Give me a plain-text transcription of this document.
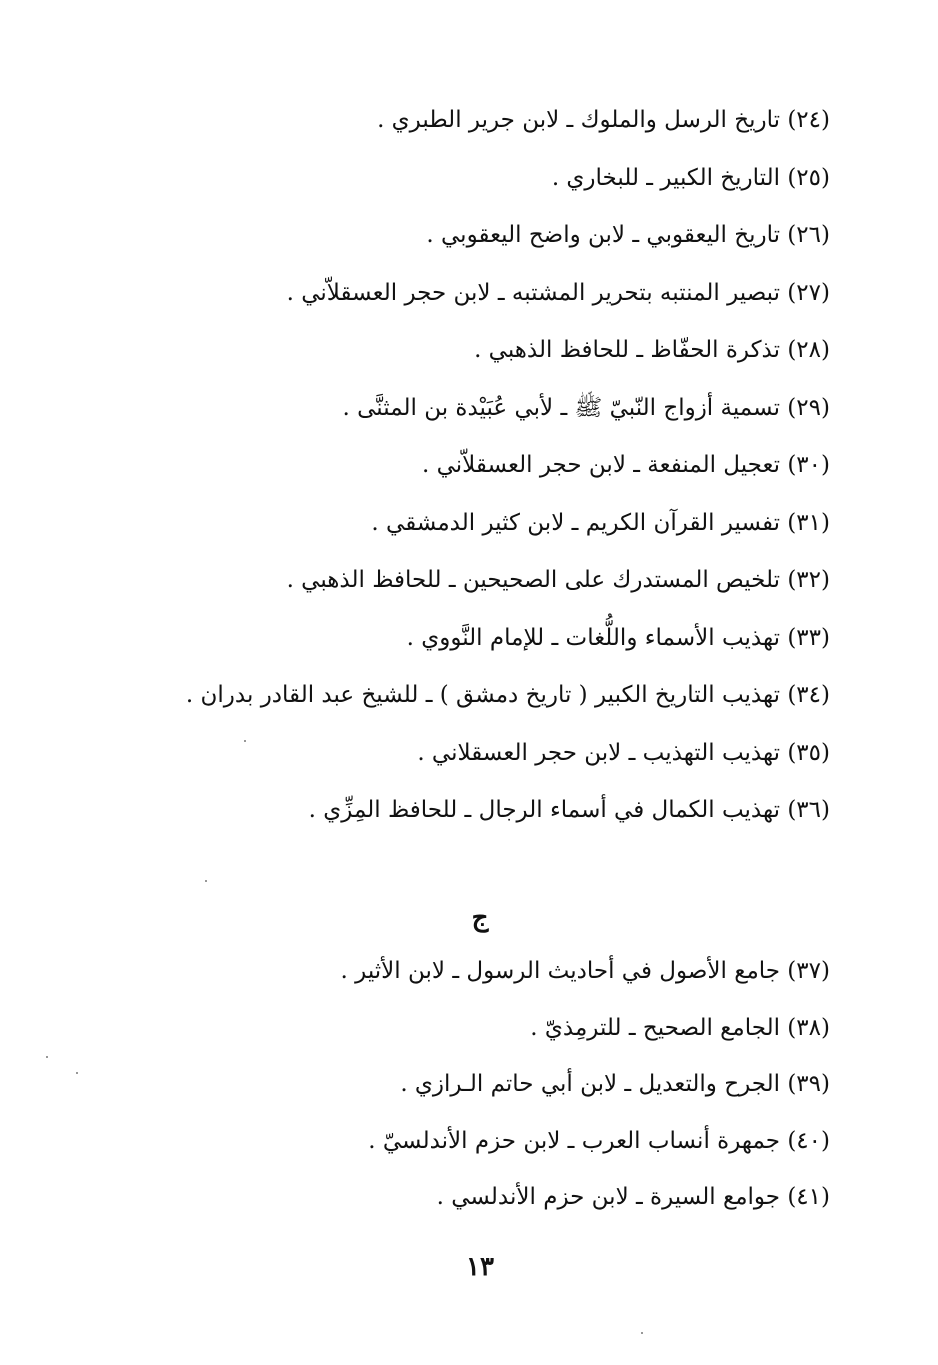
(٢٤) تاريخ الرسل والملوك ـ لابن جرير الطبري .
(٢٥) التاريخ الكبير ـ للبخاري .
(٢٦) تاريخ اليعقوبي ـ لابن واضح اليعقوبي .
(٢٧) تبصير المنتبه بتحرير المشتبه ـ لابن حجر العسقلاّني .
(٢٨) تذكرة الحفّاظ ـ للحافظ الذهبي .
(٢٩) تسمية أزواج النّبيّ ﷺ ـ لأبي عُبَيْدة بن المثنَّى .
(٣٠) تعجيل المنفعة ـ لابن حجر العسقلاّني .
(٣١) تفسير القرآن الكريم ـ لابن كثير الدمشقي .
(٣٢) تلخيص المستدرك على الصحيحين ـ للحافظ الذهبي .
(٣٣) تهذيب الأسماء واللُّغات ـ للإمام النَّووي .
(٣٤) تهذيب التاريخ الكبير ( تاريخ دمشق ) ـ للشيخ عبد القادر بدران .
(٣٥) تهذيب التهذيب ـ لابن حجر العسقلاني .
(٣٦) تهذيب الكمال في أسماء الرجال ـ للحافظ المِزِّي .
ج
(٣٧) جامع الأصول في أحاديث الرسول ـ لابن الأثير .
(٣٨) الجامع الصحيح ـ للترمِذيّ .
(٣٩) الجرح والتعديل ـ لابن أبي حاتم الـرازي .
(٤٠) جمهرة أنساب العرب ـ لابن حزم الأندلسيّ .
(٤١) جوامع السيرة ـ لابن حزم الأندلسي .
١٣
